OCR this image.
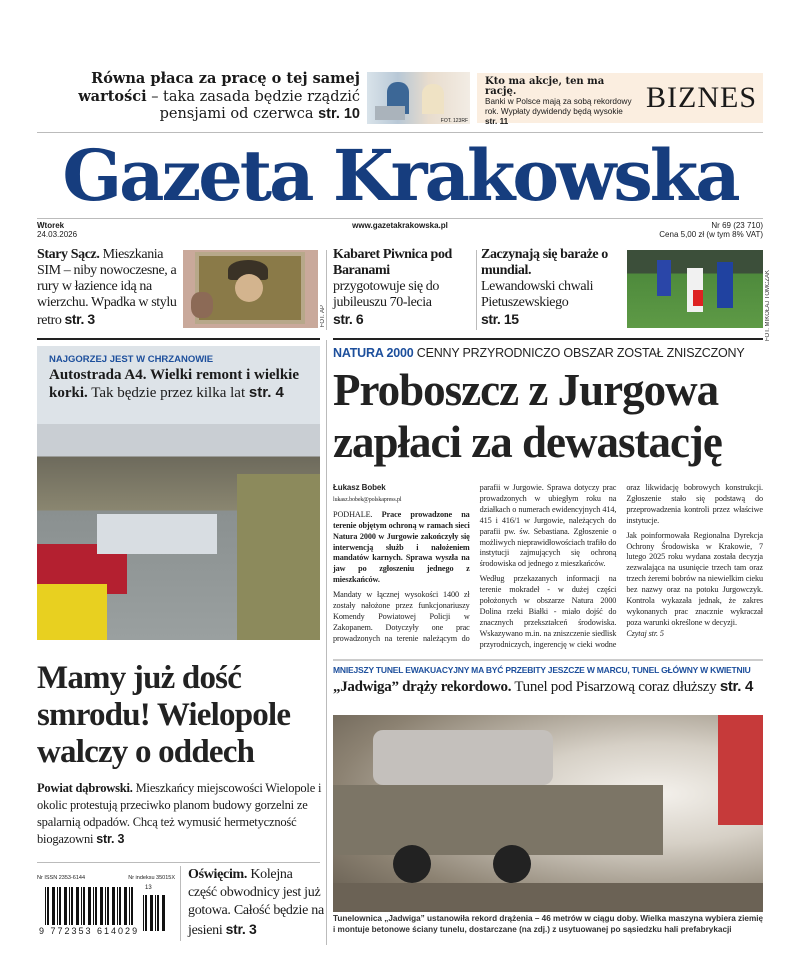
Równa płaca za pracę o tej samej wartości – taka zasada będzie rządzić pensjami od czerwca str. 10	FOT. 123RF
Kto ma akcje, ten ma rację.
Banki w Polsce mają za sobą rekordowy rok. Wypłaty dywidendy będą wysokie str. 11
BIZNES
Gazeta Krakowska
Wtorek
24.03.2026
www.gazetakrakowska.pl	Nr 69 (23 710)
Cena 5,00 zł (w tym 8% VAT)
Stary Sącz. Mieszkania SIM – niby nowoczesne, a rury w łazience idą na wierzchu. Wpadka w stylu retro str. 3	FOT. AP
Kabaret Piwnica pod Baranami
przygotowuje się do jubileuszu 70-lecia
str. 6
Zaczynają się baraże o mundial.
Lewandowski chwali Pietuszewskiego
str. 15	FOT. MIKOŁAJ TOMCZAK
NAJGORZEJ JEST W CHRZANOWIE
Autostrada A4. Wielki remont i wielkie korki. Tak będzie przez kilka lat str. 4
NATURA 2000 CENNY PRZYRODNICZO OBSZAR ZOSTAŁ ZNISZCZONY
Proboszcz z Jurgowa zapłaci za dewastację

Łukasz Bobek
lukasz.bobek@polskapress.pl

PODHALE. Prace prowadzone na terenie objętym ochroną w ramach sieci Natura 2000 w Jurgowie zakończyły się interwencją służb i nałożeniem mandatów karnych. Sprawa wyszła na jaw po zgłoszeniu jednego z mieszkańców.

Mandaty w łącznej wysokości 1400 zł zostały nałożone przez funkcjonariuszy Komendy Powiatowej Policji w Zakopanem. Dotyczyły one prac prowadzonych na terenie należącym do parafii w Jurgowie. Sprawa dotyczy prac prowadzonych w ubiegłym roku na działkach o numerach ewidencyjnych 414, 415 i 416/1 w Jurgowie, należących do parafii pw. św. Sebastiana. Zgłoszenie o możliwych nieprawidłowościach trafiło do instytucji zajmujących się ochroną środowiska od jednego z mieszkańców.

Według przekazanych informacji na terenie mokradeł - w dużej części położonych w obszarze Natura 2000 Dolina rzeki Białki - miało dojść do znacznych przekształceń środowiska. Wskazywano m.in. na zniszczenie siedlisk przyrodniczych, ingerencję w cieki wodne oraz likwidację bobrowych konstrukcji. Zgłoszenie stało się podstawą do przeprowadzenia kontroli przez właściwe instytucje.

Jak poinformowała Regionalna Dyrekcja Ochrony Środowiska w Krakowie, 7 lutego 2025 roku wydana została decyzja zezwalająca na usunięcie trzech tam oraz trzech żeremi bobrów na niewielkim cieku bez nazwy oraz na potoku Jurgowczyk. Kontrola wykazała jednak, że zakres wykonanych prac znacznie wykraczał poza warunki określone w decyzji.
Czytaj str. 5

MNIEJSZY TUNEL EWAKUACYJNY MA BYĆ PRZEBITY JESZCZE W MARCU, TUNEL GŁÓWNY W KWIETNIU
„Jadwiga” drąży rekordowo. Tunel pod Pisarzową coraz dłuższy str. 4
Tunelownica „Jadwiga” ustanowiła rekord drążenia – 46 metrów w ciągu doby. Wielka maszyna wybiera ziemię i montuje betonowe ściany tunelu, dostarczane (na zdj.) z usytuowanej po sąsiedzku hali prefabrykacji
Mamy już dość smrodu! Wielopole walczy o oddech
Powiat dąbrowski. Mieszkańcy miejscowości Wielopole i okolic protestują przeciwko planom budowy gorzelni ze spalarnią odpadów. Chcą też wymusić hermetyczność biogazowni str. 3
Nr ISSN 2353-6144	Nr indeksu 35015X
13
9 772353 614029
Oświęcim. Kolejna część obwodnicy jest już gotowa. Całość będzie na jesieni str. 3
